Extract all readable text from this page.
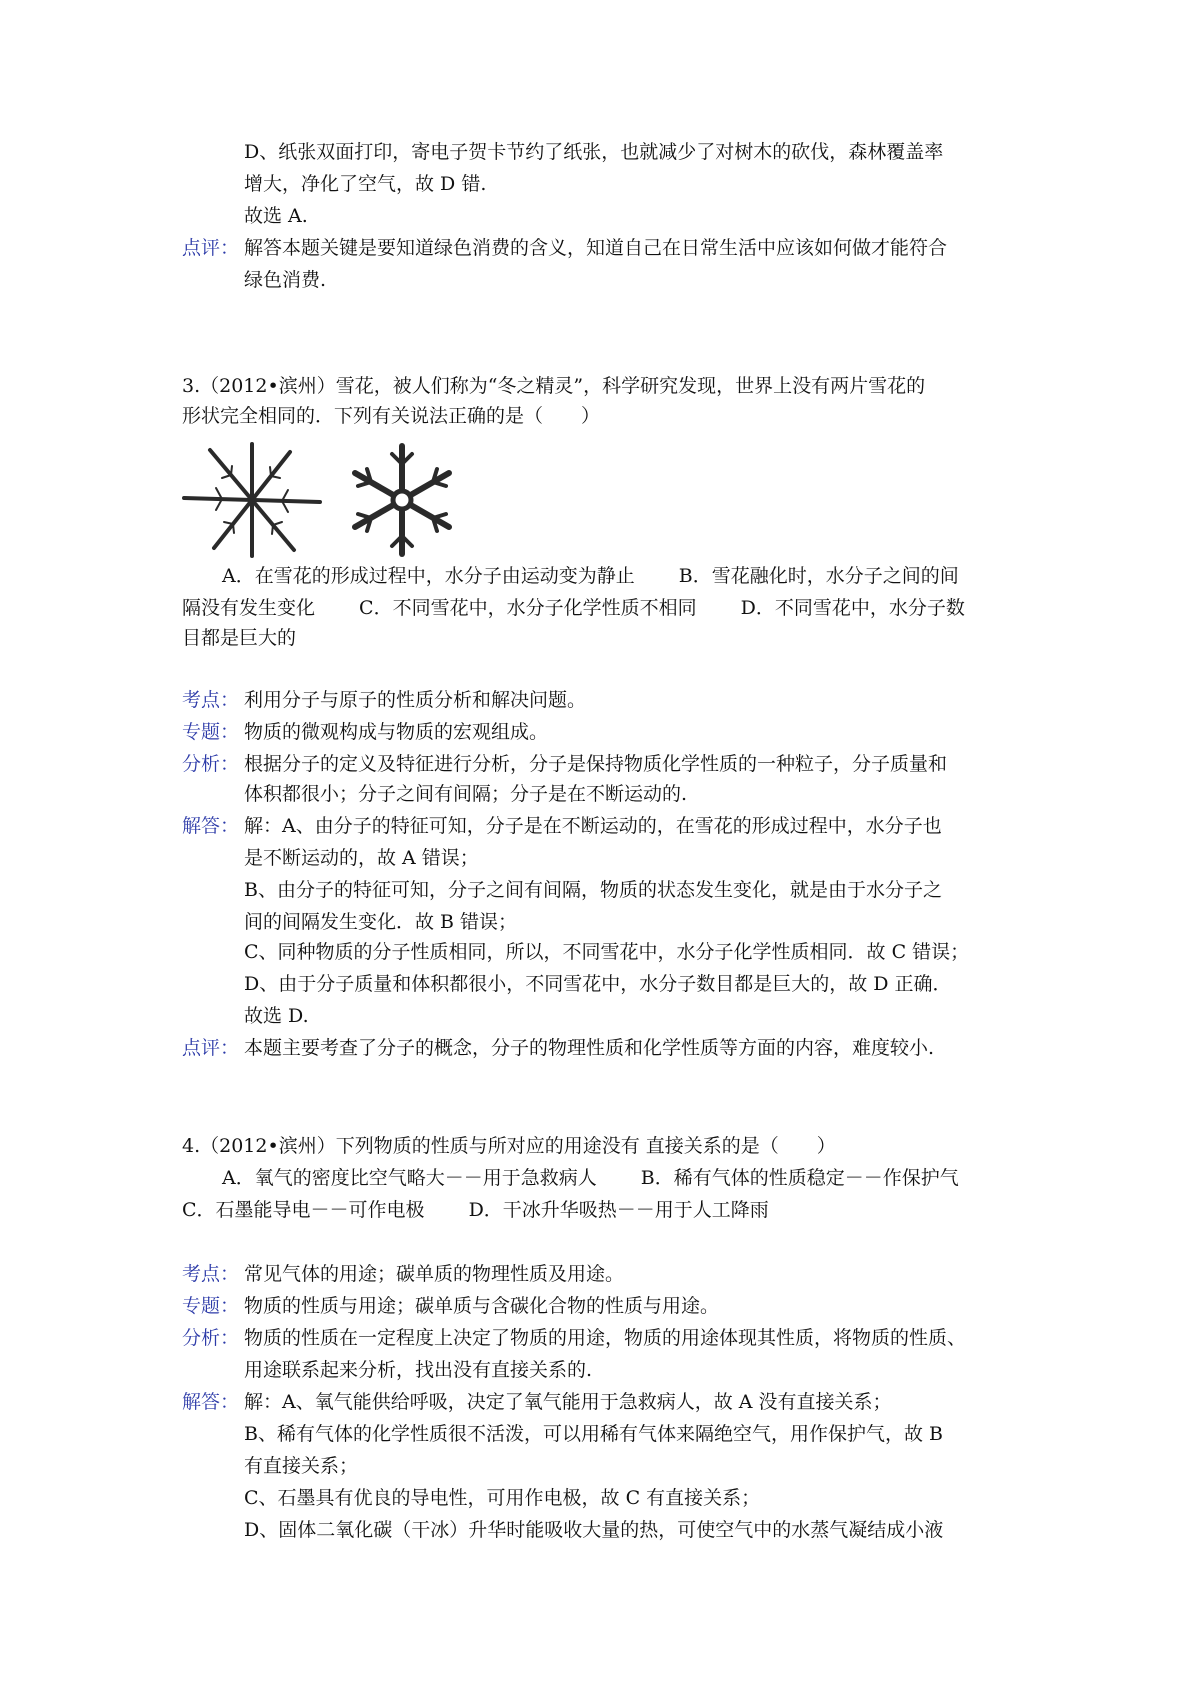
D、纸张双面打印，寄电子贺卡节约了纸张，也就减少了对树木的砍伐，森林覆盖率
增大，净化了空气，故 D 错.
故选 A.
点评： 解答本题关键是要知道绿色消费的含义，知道自己在日常生活中应该如何做才能符合
绿色消费.
3.（2012•滨州）雪花，被人们称为“冬之精灵”，科学研究发现，世界上没有两片雪花的
形状完全相同的．下列有关说法正确的是（　　）
A．在雪花的形成过程中，水分子由运动变为静止　　 B．雪花融化时，水分子之间的间
隔没有发生变化　　 C．不同雪花中，水分子化学性质不相同　　 D．不同雪花中，水分子数
目都是巨大的
考点： 利用分子与原子的性质分析和解决问题。
专题： 物质的微观构成与物质的宏观组成。
分析： 根据分子的定义及特征进行分析，分子是保持物质化学性质的一种粒子，分子质量和
体积都很小；分子之间有间隔；分子是在不断运动的.
解答： 解：A、由分子的特征可知，分子是在不断运动的，在雪花的形成过程中，水分子也
是不断运动的，故 A 错误；
B、由分子的特征可知，分子之间有间隔，物质的状态发生变化，就是由于水分子之
间的间隔发生变化．故 B 错误；
C、同种物质的分子性质相同，所以，不同雪花中，水分子化学性质相同．故 C 错误；
D、由于分子质量和体积都很小，不同雪花中，水分子数目都是巨大的，故 D 正确．
故选 D.
点评： 本题主要考查了分子的概念，分子的物理性质和化学性质等方面的内容，难度较小.
4.（2012•滨州）下列物质的性质与所对应的用途没有 直接关系的是（　　）
A．氧气的密度比空气略大－－用于急救病人　　 B．稀有气体的性质稳定－－作保护气
C．石墨能导电－－可作电极　　 D．干冰升华吸热－－用于人工降雨
考点： 常见气体的用途；碳单质的物理性质及用途。
专题： 物质的性质与用途；碳单质与含碳化合物的性质与用途。
分析： 物质的性质在一定程度上决定了物质的用途，物质的用途体现其性质，将物质的性质、
用途联系起来分析，找出没有直接关系的.
解答： 解：A、氧气能供给呼吸，决定了氧气能用于急救病人，故 A 没有直接关系；
B、稀有气体的化学性质很不活泼，可以用稀有气体来隔绝空气，用作保护气，故 B
有直接关系；
C、石墨具有优良的导电性，可用作电极，故 C 有直接关系；
D、固体二氧化碳（干冰）升华时能吸收大量的热，可使空气中的水蒸气凝结成小液
